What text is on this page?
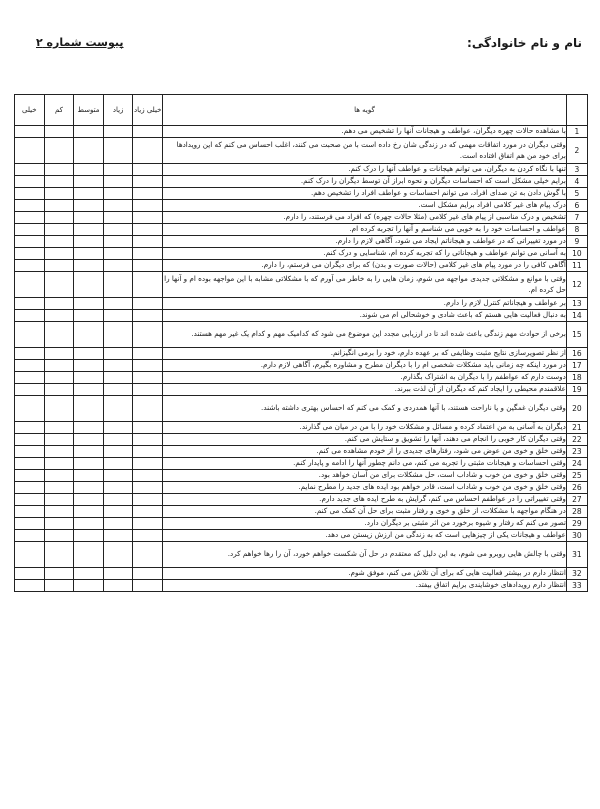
نام و نام خانوادگی:
پیوست شماره ۲
	گویه ها	خیلی زیاد	زیاد	متوسط	کم	خیلی
1	با مشاهده حالات چهره دیگران، عواطف و هیجانات آنها را تشخیص می دهم.					
2	وقتی دیگران در مورد اتفاقات مهمی که در زندگی شان رخ داده است با من صحبت می کنند، اغلب احساس می کنم که این رویدادها برای خود من هم اتفاق افتاده است.					
3	تنها با نگاه کردن به دیگران، می توانم هیجانات و عواطف آنها را درک کنم.					
4	برایم خیلی مشکل است که احساسات دیگران و نحوه ابراز آن توسط دیگران را درک کنم.					
5	با گوش دادن به تن صدای افراد، می توانم احساسات و عواطف افراد را تشخیص دهم.					
6	درک پیام های غیر کلامی افراد برایم مشکل است.					
7	تشخیص و درک مناسبی از پیام های غیر کلامی (مثلا حالات چهره) که افراد می فرستند، را دارم.					
8	عواطف و احساسات خود را به خوبی می شناسم و آنها را تجربه کرده ام.					
9	در مورد تغییراتی که در عواطف و هیجاناتم ایجاد می شود، آگاهی لازم را دارم.					
10	به آسانی می توانم عواطف و هیجاناتی را که تجربه کرده ام، شناسایی و درک کنم.					
11	آگاهی کافی را در مورد پیام های غیر کلامی (حالات صورت و بدن) که برای دیگران می فرستم، را دارم.					
12	وقتی با موانع و مشکلاتی جدیدی مواجهه می شوم، زمان هایی را به خاطر می آورم که با مشکلاتی مشابه با این مواجهه بوده ام و آنها را حل کرده ام.					
13	بر عواطف و هیجاناتم کنترل لازم را دارم.					
14	به دنبال فعالیت هایی هستم که باعث شادی و خوشحالی ام می شوند.					
15	برخی از حوادث مهم زندگی باعث شده اند تا در ارزیابی مجدد این موضوع می شود که کدامیک مهم و کدام یک غیر مهم هستند.					
16	از نظر تصویرسازی نتایج مثبت وظایفی که بر عهده دارم، خود را برمی انگیزانم.					
17	در مورد اینکه چه زمانی باید مشکلات شخصی ام را با دیگران مطرح و مشاوره بگیرم، آگاهی لازم دارم.					
18	دوست دارم که عواطفم را با دیگران به اشتراک بگذارم.					
19	علاقمندم محیطی را ایجاد کنم که دیگران از آن لذت ببرند.					
20	وقتی دیگران غمگین و یا ناراحت هستند، با آنها همدردی و کمک می کنم که احساس بهتری داشته باشند.					
21	دیگران به آسانی به من اعتماد کرده و مسائل و مشکلات خود را با من در میان می گذارند.					
22	وقتی دیگران کار خوبی را انجام می دهند، آنها را تشویق و ستایش می کنم.					
23	وقتی خلق و خوی من عوض می شود، رفتارهای جدیدی را از خودم مشاهده می کنم.					
24	وقتی احساسات و هیجانات مثبتی را تجربه می کنم، می دانم چطور آنها را ادامه و پایدار کنم.					
25	وقتی خلق و خوی من خوب و شاداب است، حل مشکلات برای من آسان خواهد بود.					
26	وقتی خلق و خوی من خوب و شاداب است، قادر خواهم بود ایده های جدید را مطرح نمایم.					
27	وقتی تغییراتی را در عواطفم احساس می کنم، گرایش به طرح ایده های جدید دارم.					
28	در هنگام مواجهه با مشکلات، از خلق و خوی و رفتار مثبت برای حل آن کمک می کنم.					
29	تصور می کنم که رفتار و شیوه برخورد من اثر مثبتی بر دیگران دارد.					
30	عواطف و هیجانات یکی از چیزهایی است که به زندگی من ارزش زیستن می دهد.					
31	وقتی با چالش هایی روبرو می شوم، به این دلیل که معتقدم در حل آن شکست خواهم خورد، آن را رها خواهم کرد.					
32	انتظار دارم در بیشتر فعالیت هایی که برای آن تلاش می کنم، موفق شوم.					
33	انتظار دارم رویدادهای خوشایندی برایم اتفاق بیفتد.					
